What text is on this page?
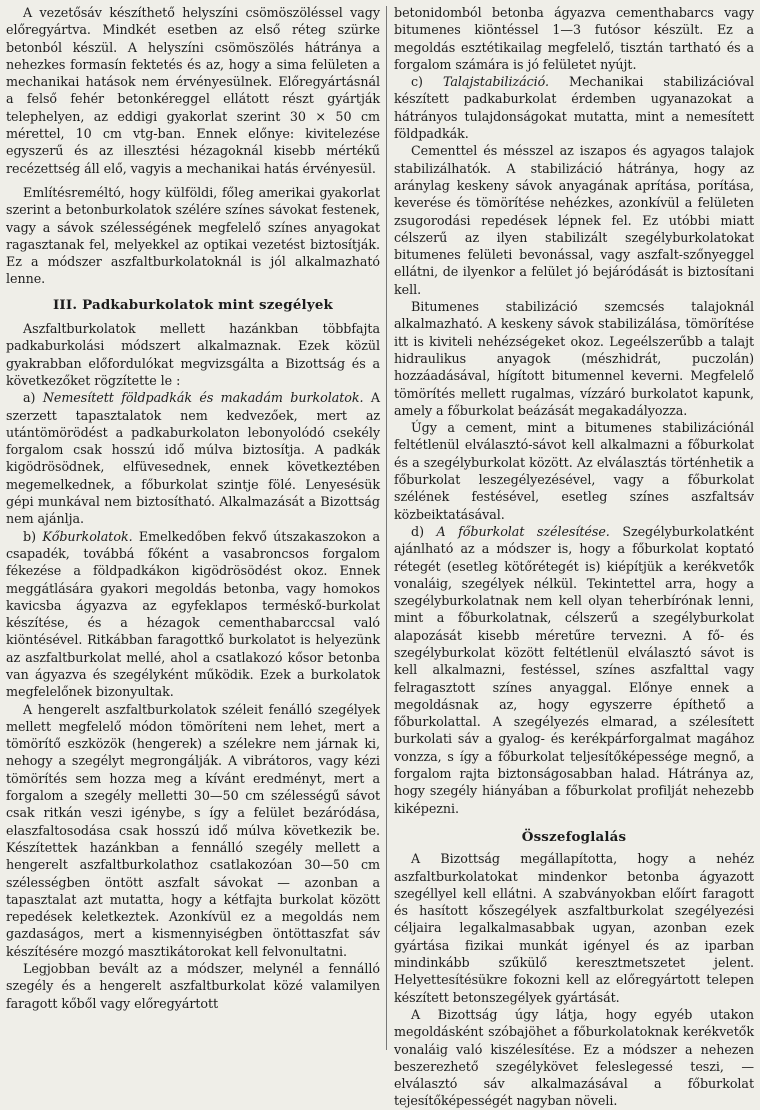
A vezetősáv készíthető helyszíni csömöszöléssel vagy előregyártva. Mindkét esetben az első réteg szürke betonból készül. A helyszíni csömöszölés hátránya a nehezkes formasín fektetés és az, hogy a sima felületen a mechanikai hatások nem érvényesülnek. Előregyártásnál a felső fehér betonkéreggel ellátott részt gyártják telephelyen, az eddigi gyakorlat szerint 30 × 50 cm mérettel, 10 cm vtg-ban. Ennek előnye: kivitelezése egyszerű és az illesztési hézagoknál kisebb mértékű recézettség áll elő, vagyis a mechanikai hatás érvényesül.

Említésreméltó, hogy külföldi, főleg amerikai gyakorlat szerint a betonburkolatok szélére színes sávokat festenek, vagy a sávok szélességének megfelelő színes anyagokat ragasztanak fel, melyekkel az optikai vezetést biztosítják. Ez a módszer aszfaltburkolatoknál is jól alkalmazható lenne.

III. Padkaburkolatok mint szegélyek

Aszfaltburkolatok mellett hazánkban többfajta padkaburkolási módszert alkalmaznak. Ezek közül gyakrabban előfordulókat megvizsgálta a Bizottság és a következőket rögzítette le :

a) Nemesített földpadkák és makadám burkolatok. A szerzett tapasztalatok nem kedvezőek, mert az utántömörödést a padkaburkolaton lebonyolódó csekély forgalom csak hosszú idő múlva biztosítja. A padkák kigödrösödnek, elfüvesednek, ennek következtében megemelkednek, a főburkolat szintje fölé. Lenyesésük gépi munkával nem biztosítható. Alkalmazását a Bizottság nem ajánlja.

b) Kőburkolatok. Emelkedőben fekvő útszakaszokon a csapadék, továbbá főként a vasabroncsos forgalom fékezése a földpadkákon kigödrösödést okoz. Ennek meggátlására gyakori megoldás betonba, vagy homokos kavicsba ágyazva az egyfeklapos terméskő-burkolat készítése, és a hézagok cementhabarccsal való kiöntésével. Ritkábban faragottkő burkolatot is helyezünk az aszfaltburkolat mellé, ahol a csatlakozó kősor betonba van ágyazva és szegélyként működik. Ezek a burkolatok megfelelőnek bizonyultak.

A hengerelt aszfaltburkolatok széleit fenálló szegélyek mellett megfelelő módon tömöríteni nem lehet, mert a tömörítő eszközök (hengerek) a szélekre nem járnak ki, nehogy a szegélyt megrongálják. A vibrátoros, vagy kézi tömörítés sem hozza meg a kívánt eredményt, mert a forgalom a szegély melletti 30—50 cm szélességű sávot csak ritkán veszi igénybe, s így a felület bezáródása, elaszfaltosodása csak hosszú idő múlva következik be. Készítettek hazánkban a fennálló szegély mellett a hengerelt aszfaltburkolathoz csatlakozóan 30—50 cm szélességben öntött aszfalt sávokat — azonban a tapasztalat azt mutatta, hogy a kétfajta burkolat között repedések keletkeztek. Azonkívül ez a megoldás nem gazdaságos, mert a kismennyiségben öntöttaszfat sáv készítésére mozgó masztikátorokat kell felvonultatni.

Legjobban bevált az a módszer, melynél a fennálló szegély és a hengerelt aszfaltburkolat közé valamilyen faragott kőből vagy előregyártott

betonidomból betonba ágyazva cementhabarcs vagy bitumenes kiöntéssel 1—3 futósor készült. Ez a megoldás esztétikailag megfelelő, tisztán tartható és a forgalom számára is jó felületet nyújt.

c) Talajstabilizáció. Mechanikai stabilizációval készített padkaburkolat érdemben ugyanazokat a hátrányos tulajdonságokat mutatta, mint a nemesített földpadkák.

Cementtel és mésszel az iszapos és agyagos talajok stabilizálhatók. A stabilizáció hátránya, hogy az aránylag keskeny sávok anyagának aprítása, porítása, keverése és tömörítése nehézkes, azonkívül a felületen zsugorodási repedések lépnek fel. Ez utóbbi miatt célszerű az ilyen stabilizált szegélyburkolatokat bitumenes felületi bevonással, vagy aszfalt-szőnyeggel ellátni, de ilyenkor a felület jó bejáródását is biztosítani kell.

Bitumenes stabilizáció szemcsés talajoknál alkalmazható. A keskeny sávok stabilizálása, tömörítése itt is kiviteli nehézségeket okoz. Legeélszerűbb a talajt hidraulikus anyagok (mészhidrát, puczolán) hozzáadásával, hígított bitumennel keverni. Megfelelő tömörítés mellett rugalmas, vízzáró burkolatot kapunk, amely a főburkolat beázását megakadályozza.

Úgy a cement, mint a bitumenes stabilizációnál feltétlenül elválasztó-sávot kell alkalmazni a főburkolat és a szegélyburkolat között. Az elválasztás történhetik a főburkolat leszegélyezésével, vagy a főburkolat szélének festésével, esetleg színes aszfaltsáv közbeiktatásával.

d) A főburkolat szélesítése. Szegélyburkolatként ajánlható az a módszer is, hogy a főburkolat koptató rétegét (esetleg kötőrétegét is) kiépítjük a kerékvetők vonaláig, szegélyek nélkül. Tekintettel arra, hogy a szegélyburkolatnak nem kell olyan teherbírónak lenni, mint a főburkolatnak, célszerű a szegélyburkolat alapozását kisebb méretűre tervezni. A fő- és szegélyburkolat között feltétlenül elválasztó sávot is kell alkalmazni, festéssel, színes aszfalttal vagy felragasztott színes anyaggal. Előnye ennek a megoldásnak az, hogy egyszerre építhető a főburkolattal. A szegélyezés elmarad, a szélesített burkolati sáv a gyalog- és kerékpárforgalmat magához vonzza, s így a főburkolat teljesítőképessége megnő, a forgalom rajta biztonságosabban halad. Hátránya az, hogy szegély hiányában a főburkolat profilját nehezebb kiképezni.

Összefoglalás

A Bizottság megállapította, hogy a nehéz aszfaltburkolatokat mindenkor betonba ágyazott szegéllyel kell ellátni. A szabványokban előírt faragott és hasított kőszegélyek aszfaltburkolat szegélyezési céljaira legalkalmasabbak ugyan, azonban ezek gyártása fizikai munkát igényel és az iparban mindinkább szűkülő keresztmetszetet jelent. Helyettesítésükre fokozni kell az előregyártott telepen készített betonszegélyek gyártását.

A Bizottság úgy látja, hogy egyéb utakon megoldásként szóbajöhet a főburkolatoknak kerékvetők vonaláig való kiszélesítése. Ez a módszer a nehezen beszerezhető szegélykövet feleslegessé teszi, — elválasztó sáv alkalmazásával a főburkolat tejesítőképességét nagyban növeli.
